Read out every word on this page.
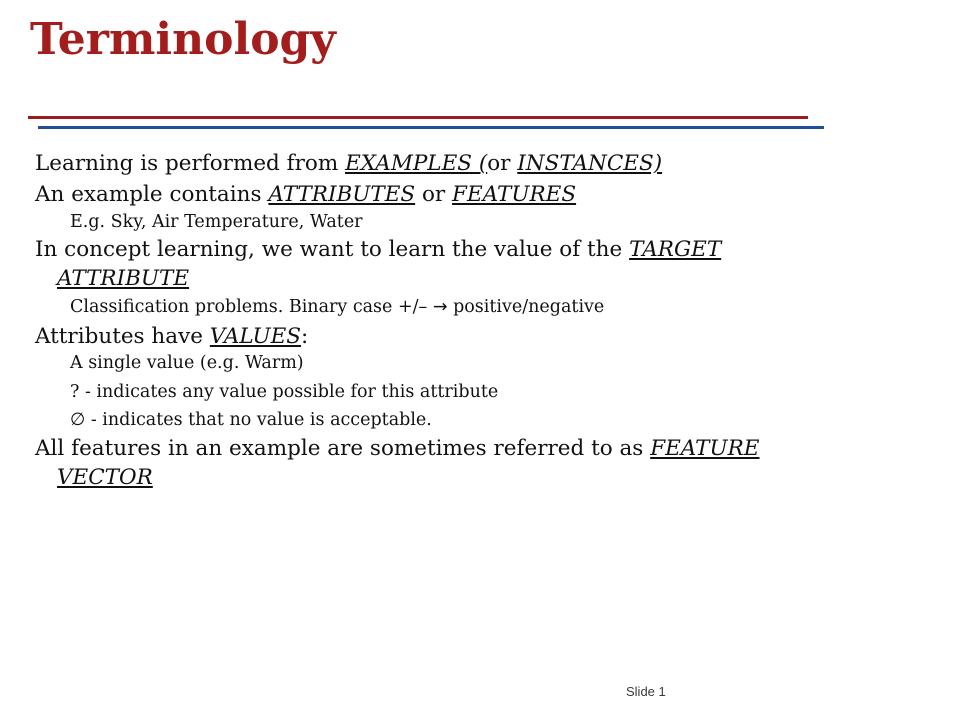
Terminology
Learning is performed from EXAMPLES (or INSTANCES)
An example contains ATTRIBUTES or FEATURES
E.g. Sky, Air Temperature, Water
In concept learning, we want to learn the value of the TARGET
ATTRIBUTE
Classification problems. Binary case +/– → positive/negative
Attributes have VALUES:
A single value (e.g. Warm)
? - indicates any value possible for this attribute
∅ - indicates that no value is acceptable.
All features in an example are sometimes referred to as FEATURE
VECTOR
Slide 1
